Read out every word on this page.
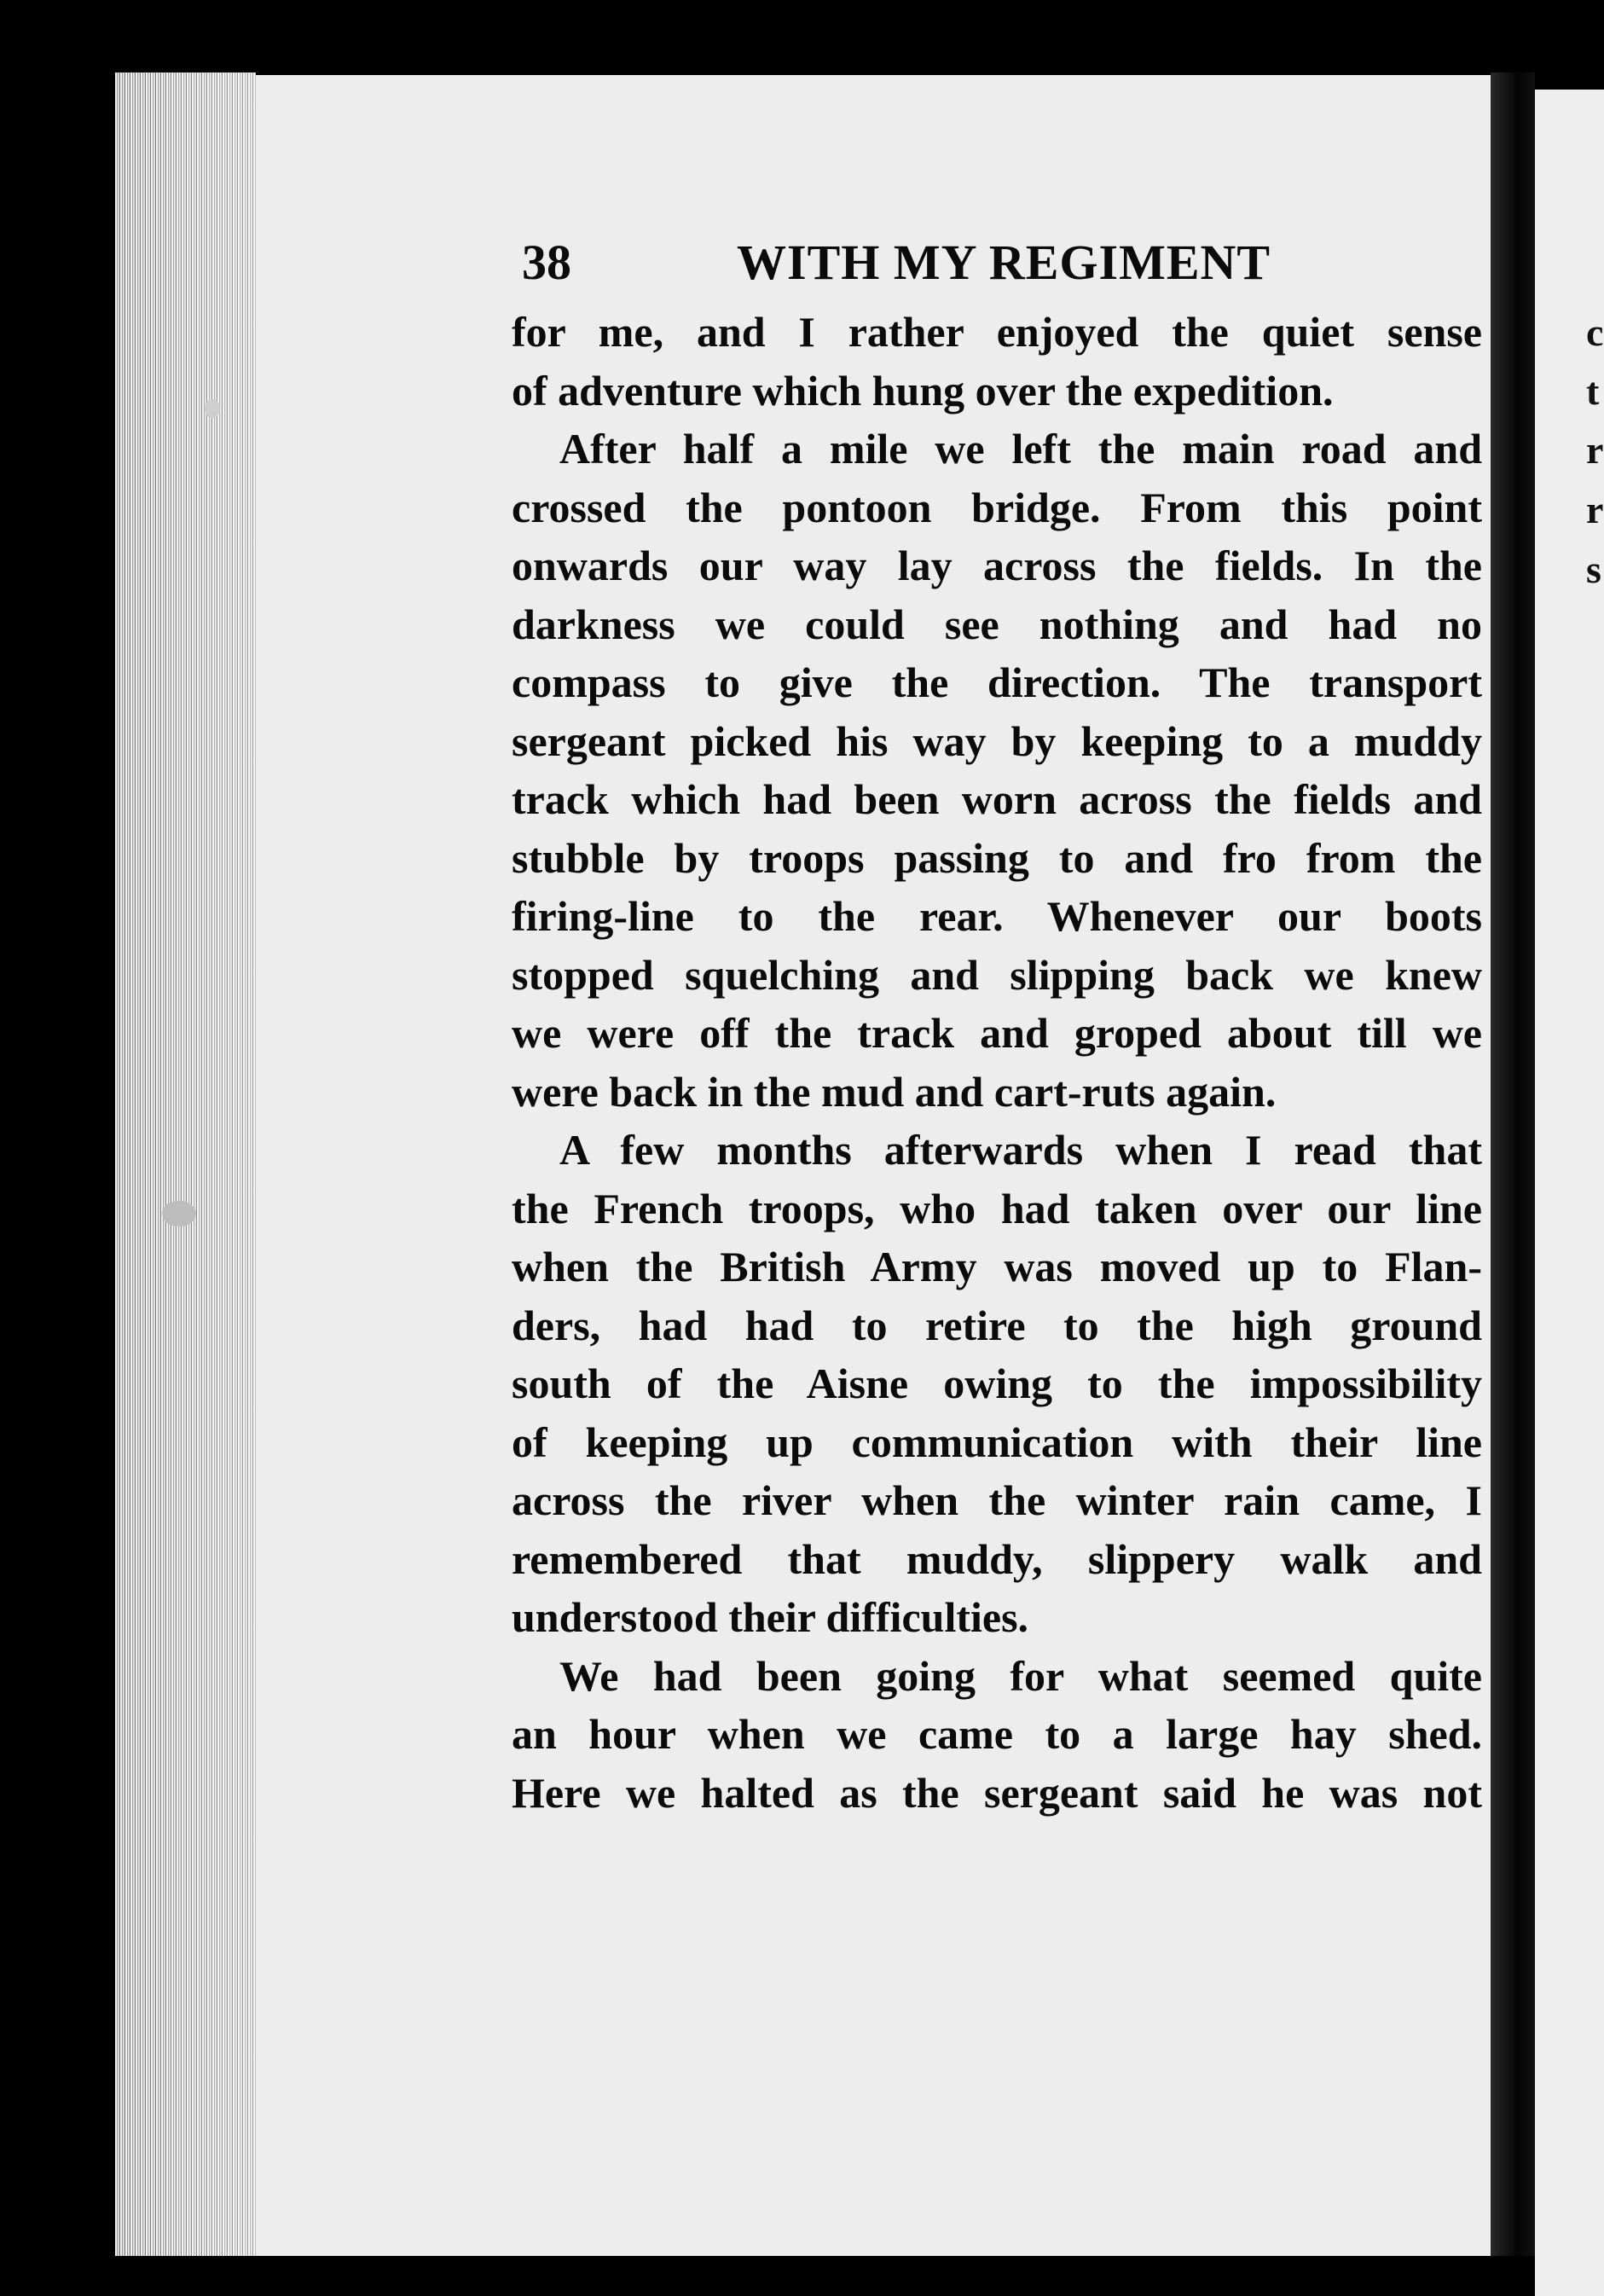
c
t
r
r
s
38	WITH MY REGIMENT
for me, and I rather enjoyed the quiet sense
of adventure which hung over the expedition.
After half a mile we left the main road and
crossed the pontoon bridge. From this point
onwards our way lay across the fields. In the
darkness we could see nothing and had no
compass to give the direction. The transport
sergeant picked his way by keeping to a muddy
track which had been worn across the fields and
stubble by troops passing to and fro from the
firing-line to the rear. Whenever our boots
stopped squelching and slipping back we knew
we were off the track and groped about till we
were back in the mud and cart-ruts again.
A few months afterwards when I read that
the French troops, who had taken over our line
when the British Army was moved up to Flan-
ders, had had to retire to the high ground
south of the Aisne owing to the impossibility
of keeping up communication with their line
across the river when the winter rain came, I
remembered that muddy, slippery walk and
understood their difficulties.
We had been going for what seemed quite
an hour when we came to a large hay shed.
Here we halted as the sergeant said he was not
